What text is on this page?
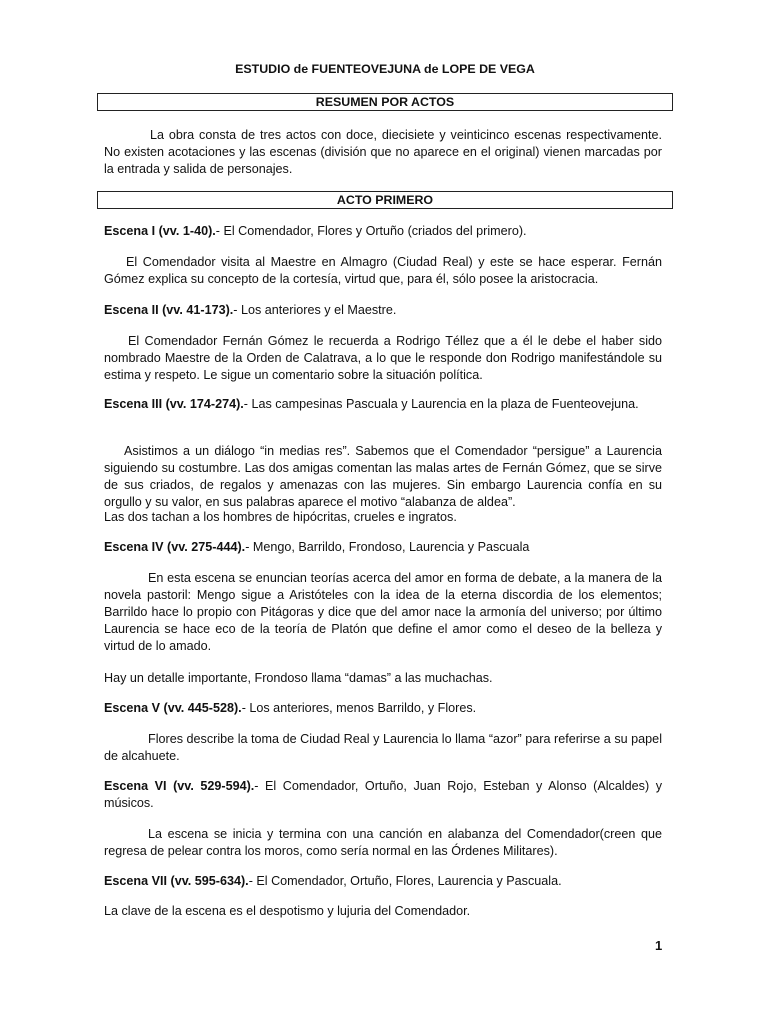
ESTUDIO de FUENTEOVEJUNA de LOPE DE VEGA
RESUMEN POR ACTOS

La obra consta de tres actos con doce, diecisiete y veinticinco escenas respectivamente. No existen acotaciones y las escenas (división que no aparece en el original) vienen marcadas por la entrada y salida de personajes.

ACTO PRIMERO

Escena I (vv. 1-40).- El Comendador, Flores y Ortuño (criados del primero).

El Comendador visita al Maestre en Almagro (Ciudad Real) y este se hace esperar. Fernán Gómez explica su concepto de la cortesía, virtud que, para él, sólo posee la aristocracia.

Escena II (vv. 41-173).- Los anteriores y el Maestre.

El Comendador Fernán Gómez le recuerda a Rodrigo Téllez que a él le debe el haber sido nombrado Maestre de la Orden de Calatrava, a lo que le responde don Rodrigo manifestándole su estima y respeto. Le sigue un comentario sobre la situación política.

Escena III (vv. 174-274).- Las campesinas Pascuala y Laurencia en la plaza de Fuenteovejuna.

Asistimos a un diálogo “in medias res”. Sabemos que el Comendador “persigue” a Laurencia siguiendo su costumbre. Las dos amigas comentan las malas artes de Fernán Gómez, que se sirve de sus criados, de regalos y amenazas con las mujeres. Sin embargo Laurencia confía en su orgullo y su valor, en sus palabras aparece el motivo “alabanza de aldea”.

Las dos tachan a los hombres de hipócritas, crueles e ingratos.

Escena IV (vv. 275-444).- Mengo, Barrildo, Frondoso, Laurencia y Pascuala

En esta escena se enuncian teorías acerca del amor en forma de debate, a la manera de la novela pastoril: Mengo sigue a Aristóteles con la idea de la eterna discordia de los elementos; Barrildo hace lo propio con Pitágoras y dice que del amor nace la armonía del universo; por último Laurencia se hace eco de la teoría de Platón que define el amor como el deseo de la belleza y virtud de lo amado.

Hay un detalle importante, Frondoso llama “damas” a las muchachas.

Escena V (vv. 445-528).- Los anteriores, menos Barrildo, y Flores.

Flores describe la toma de Ciudad Real y Laurencia lo llama “azor” para referirse a su papel de alcahuete.

Escena VI (vv. 529-594).- El Comendador, Ortuño, Juan Rojo, Esteban y Alonso (Alcaldes) y músicos.

La escena se inicia y termina con una canción en alabanza del Comendador(creen que regresa de pelear contra los moros, como sería normal en las Órdenes Militares).

Escena VII (vv. 595-634).- El Comendador, Ortuño, Flores, Laurencia y Pascuala.

La clave de la escena es el despotismo y lujuria del Comendador.

1
